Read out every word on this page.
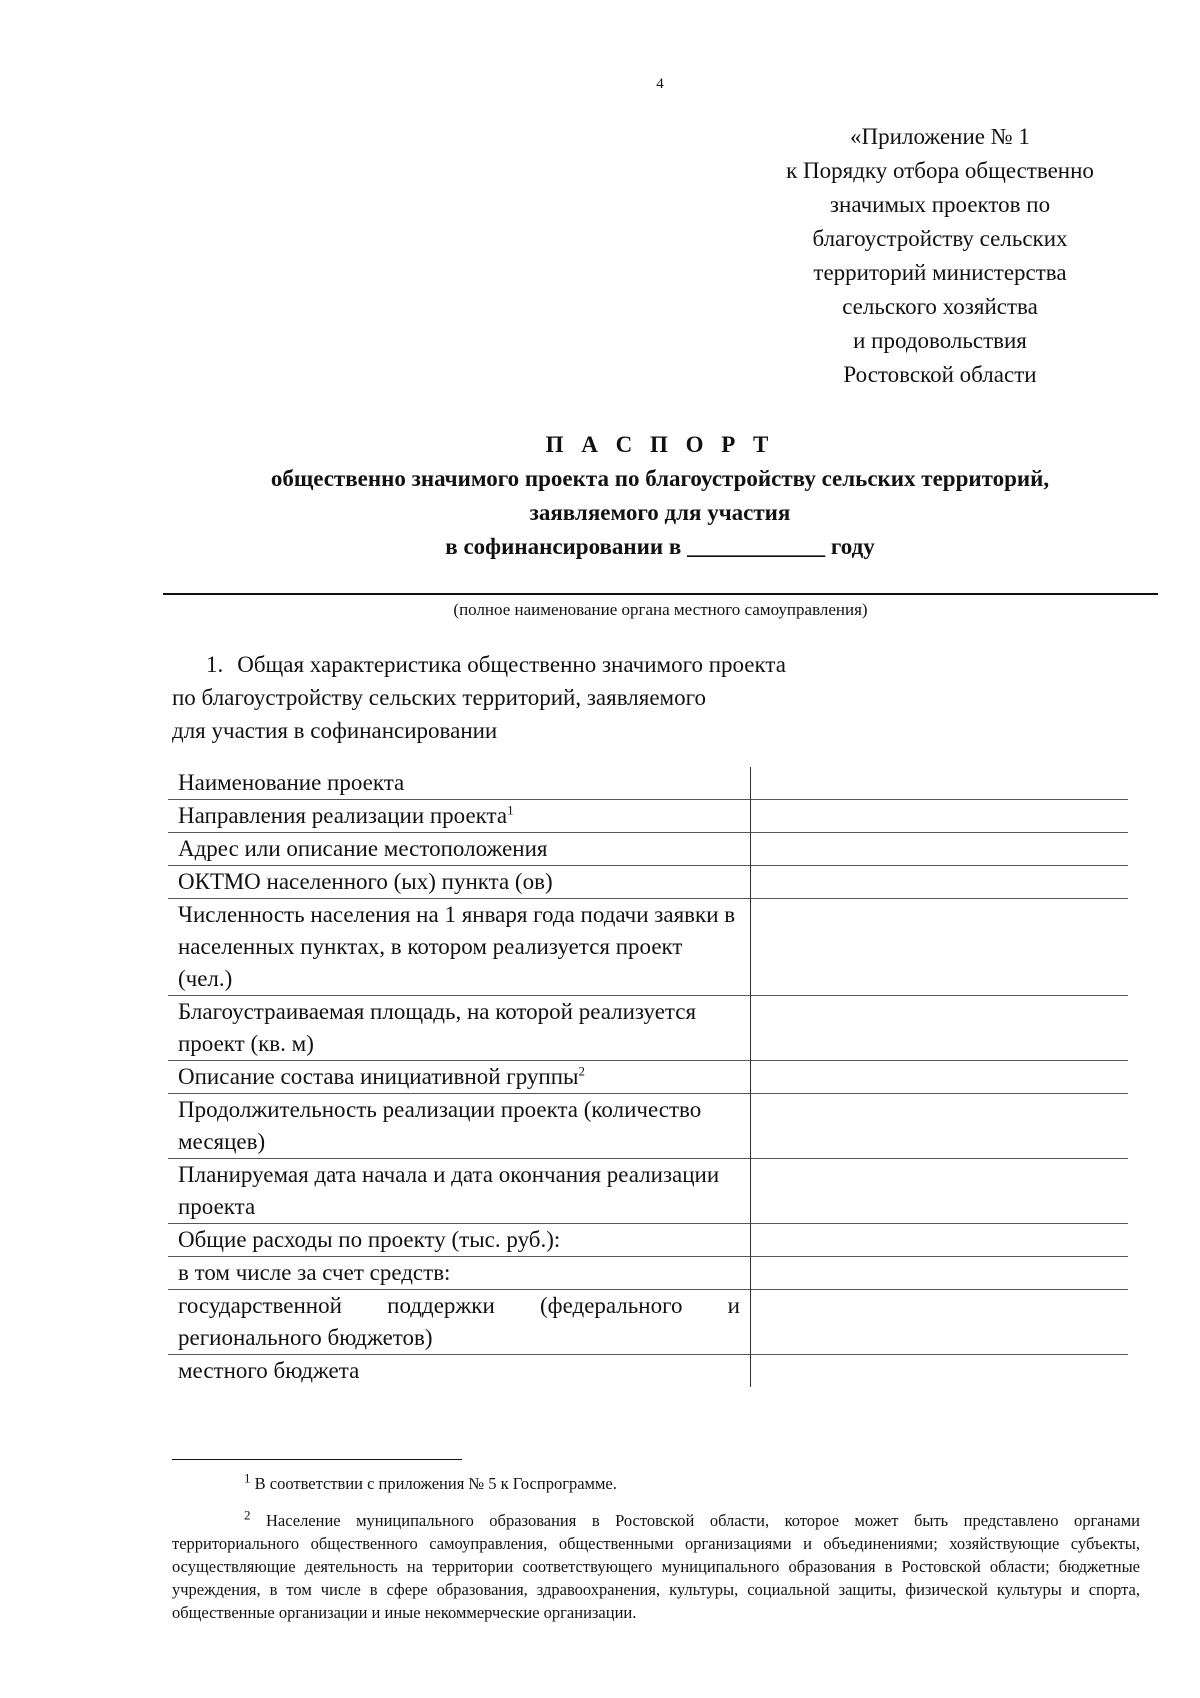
4
«Приложение № 1
к Порядку отбора общественно
значимых проектов по
благоустройству сельских
территорий министерства
сельского хозяйства
и продовольствия
Ростовской области
П А С П О Р Т
общественно значимого проекта по благоустройству сельских территорий,
заявляемого для участия
в софинансировании в ____________ году
(полное наименование органа местного самоуправления)
1. Общая характеристика общественно значимого проекта
по благоустройству сельских территорий, заявляемого
для участия в софинансировании
Наименование проекта	
Направления реализации проекта$^1$	
Адрес или описание местоположения	
ОКТМО населенного (ых) пункта (ов)	
Численность населения на 1 января года подачи заявки в населенных пунктах, в котором реализуется проект (чел.)	
Благоустраиваемая площадь, на которой реализуется проект (кв. м)	
Описание состава инициативной группы$^2$	
Продолжительность реализации проекта (количество месяцев)	
Планируемая дата начала и дата окончания реализации проекта	
Общие расходы по проекту (тыс. руб.):	
в том числе за счет средств:	
государственной поддержки (федерального и регионального бюджетов)	
местного бюджета	

$^1$ В соответствии с приложения № 5 к Госпрограмме.

$^2$ Население муниципального образования в Ростовской области, которое может быть представлено органами территориального общественного самоуправления, общественными организациями и объединениями; хозяйствующие субъекты, осуществляющие деятельность на территории соответствующего муниципального образования в Ростовской области; бюджетные учреждения, в том числе в сфере образования, здравоохранения, культуры, социальной защиты, физической культуры и спорта, общественные организации и иные некоммерческие организации.
